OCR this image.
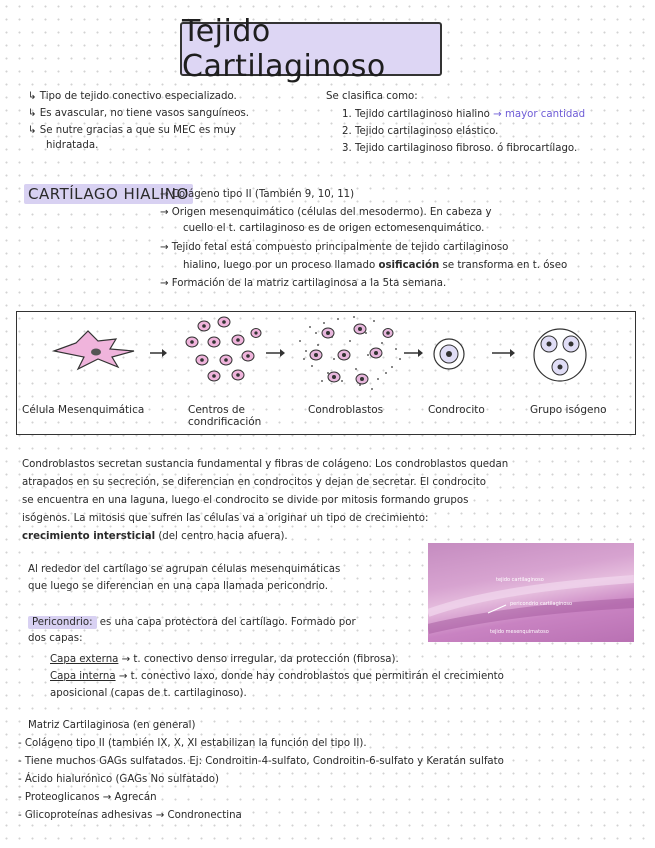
Tejido Cartilaginoso
↳ Tipo de tejido conectivo especializado.
↳ Es avascular, no tiene vasos sanguíneos.
↳ Se nutre gracias a que su MEC es muy
hidratada.
Se clasifica como:
1. Tejido cartilaginoso hialino → mayor cantidad
2. Tejido cartilaginoso elástico.
3. Tejido cartilaginoso fibroso. ó fibrocartílago.
CARTÍLAGO HIALINO
→ Colágeno tipo II (También 9, 10, 11)
→ Origen mesenquimático (células del mesodermo). En cabeza y
cuello el t. cartilaginoso es de origen ectomesenquimático.
→ Tejido fetal está compuesto principalmente de tejido cartilaginoso
hialino, luego por un proceso llamado osificación se transforma en t. óseo
→ Formación de la matriz cartilaginosa a la 5ta semana.
Célula Mesenquimática	Centros de
condrificación
Condroblastos	Condrocito	Grupo isógeno
Condroblastos secretan sustancia fundamental y fibras de colágeno. Los condroblastos quedan
atrapados en su secreción, se diferencian en condrocitos y dejan de secretar. El condrocito
se encuentra en una laguna, luego el condrocito se divide por mitosis formando grupos
isógenos. La mitosis que sufren las células va a originar un tipo de crecimiento:
crecimiento intersticial (del centro hacia afuera).
Al rededor del cartílago se agrupan células mesenquimáticas
que luego se diferencian en una capa llamada pericondrio.
tejido cartilaginoso
pericondrio cartilaginoso
tejido mesenquimatoso
Pericondrio: es una capa protectora del cartílago. Formado por
dos capas:
Capa externa → t. conectivo denso irregular, da protección (fibrosa).
Capa interna → t. conectivo laxo, donde hay condroblastos que permitirán el crecimiento
aposicional (capas de t. cartilaginoso).
Matriz Cartilaginosa (en general)
- Colágeno tipo II (también IX, X, XI estabilizan la función del tipo II).
- Tiene muchos GAGs sulfatados. Ej: Condroitin-4-sulfato, Condroitin-6-sulfato y Keratán sulfato
- Ácido hialurónico (GAGs No sulfatado)
- Proteoglicanos → Agrecán
- Glicoproteínas adhesivas → Condronectina
